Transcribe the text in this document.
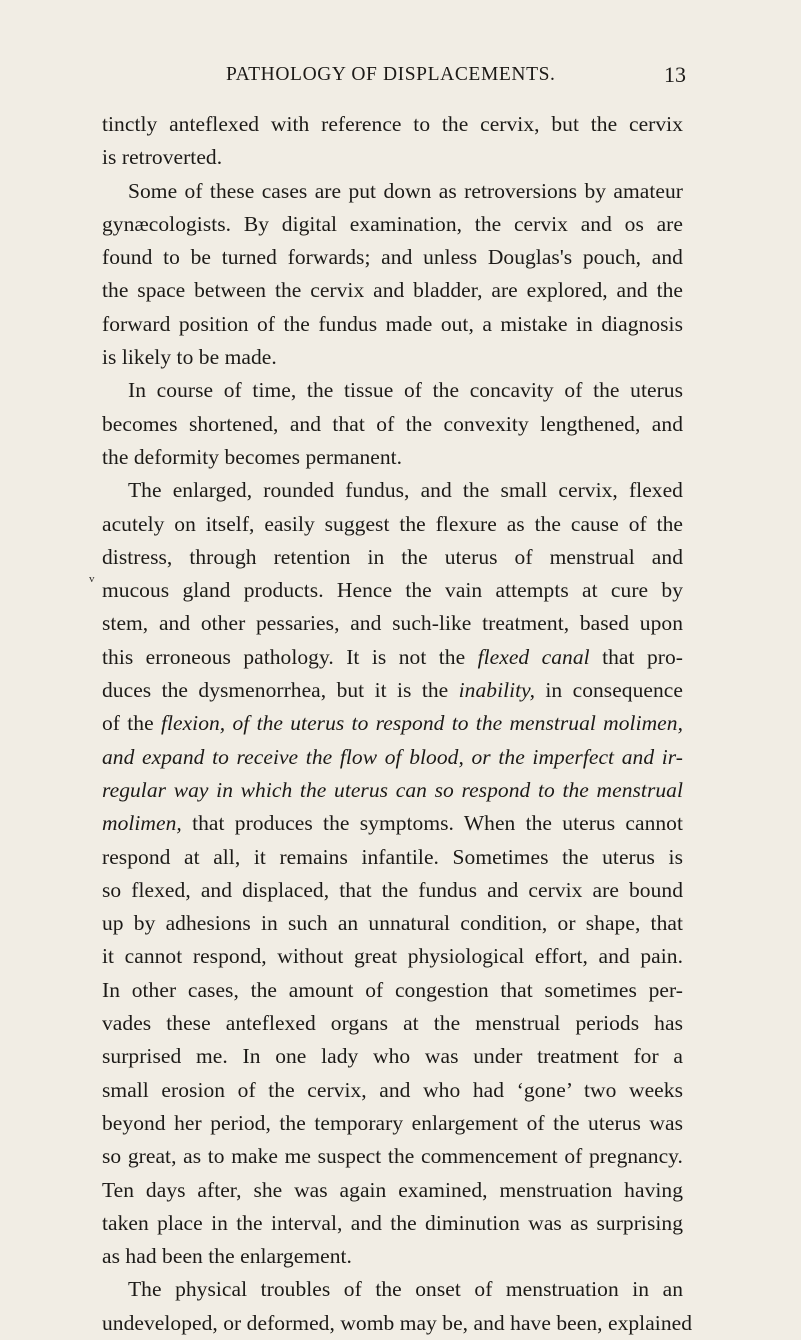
PATHOLOGY OF DISPLACEMENTS.	13
v
tinctly anteflexed with reference to the cervix, but the cervix
is retroverted.
Some of these cases are put down as retroversions by amateur
gynæcologists. By digital examination, the cervix and os are
found to be turned forwards; and unless Douglas's pouch, and
the space between the cervix and bladder, are explored, and the
forward position of the fundus made out, a mistake in diagnosis
is likely to be made.
In course of time, the tissue of the concavity of the uterus
becomes shortened, and that of the convexity lengthened, and
the deformity becomes permanent.
The enlarged, rounded fundus, and the small cervix, flexed
acutely on itself, easily suggest the flexure as the cause of the
distress, through retention in the uterus of menstrual and
mucous gland products. Hence the vain attempts at cure by
stem, and other pessaries, and such-like treatment, based upon
this erroneous pathology. It is not the flexed canal that pro-
duces the dysmenorrhea, but it is the inability, in consequence
of the flexion, of the uterus to respond to the menstrual molimen,
and expand to receive the flow of blood, or the imperfect and ir-
regular way in which the uterus can so respond to the menstrual
molimen, that produces the symptoms. When the uterus cannot
respond at all, it remains infantile. Sometimes the uterus is
so flexed, and displaced, that the fundus and cervix are bound
up by adhesions in such an unnatural condition, or shape, that
it cannot respond, without great physiological effort, and pain.
In other cases, the amount of congestion that sometimes per-
vades these anteflexed organs at the menstrual periods has
surprised me. In one lady who was under treatment for a
small erosion of the cervix, and who had ‘gone’ two weeks
beyond her period, the temporary enlargement of the uterus was
so great, as to make me suspect the commencement of pregnancy.
Ten days after, she was again examined, menstruation having
taken place in the interval, and the diminution was as surprising
as had been the enlargement.
The physical troubles of the onset of menstruation in an
undeveloped, or deformed, womb may be, and have been, explained
